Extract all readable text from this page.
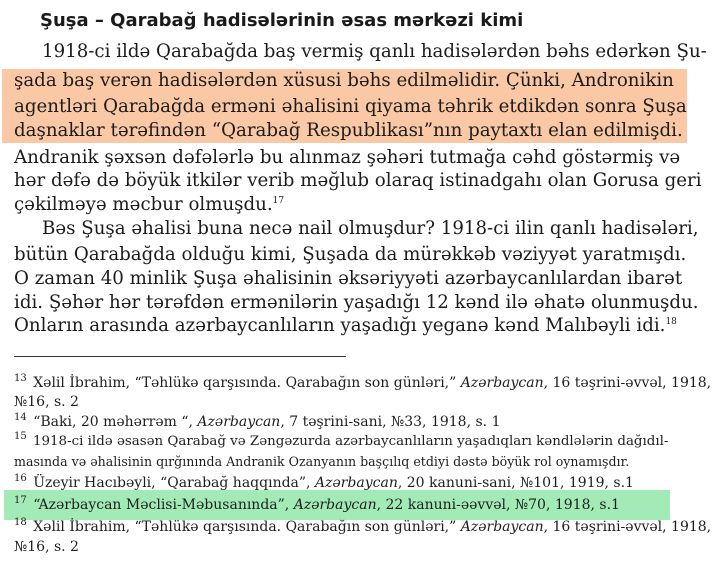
Şuşa – Qarabağ hadisələrinin əsas mərkəzi kimi
1918-ci ildə Qarabağda baş vermiş qanlı hadisələrdən bəhs edərkən Şu-
şada baş verən hadisələrdən xüsusi bəhs edilməlidir. Çünki, Andronikin
agentləri Qarabağda erməni əhalisini qiyama təhrik etdikdən sonra Şuşa
daşnaklar tərəfindən “Qarabağ Respublikası”nın paytaxtı elan edilmişdi.
Andranik şəxsən dəfələrlə bu alınmaz şəhəri tutmağa cəhd göstərmiş və
hər dəfə də böyük itkilər verib məğlub olaraq istinadgahı olan Gorusa geri
çəkilməyə məcbur olmuşdu.$^{17}$
Bəs Şuşa əhalisi buna necə nail olmuşdur? 1918-ci ilin qanlı hadisələri,
bütün Qarabağda olduğu kimi, Şuşada da mürəkkəb vəziyyət yaratmışdı.
O zaman 40 minlik Şuşa əhalisinin əksəriyyəti azərbaycanlılardan ibarət
idi. Şəhər hər tərəfdən ermənilərin yaşadığı 12 kənd ilə əhatə olunmuşdu.
Onların arasında azərbaycanlıların yaşadığı yeganə kənd Malıbəyli idi.$^{18}$
$^{13}$ Xəlil İbrahim, “Təhlükə qarşısında. Qarabağın son günləri,” Azərbaycan, 16 təşrini-əvvəl, 1918,
№16, s. 2
$^{14}$ “Baki, 20 məhərrəm “, Azərbaycan, 7 təşrini-sani, №33, 1918, s. 1
$^{15}$ 1918-ci ildə əsasən Qarabağ və Zəngəzurda azərbaycanlıların yaşadıqları kəndlələrin dağıdıl-
masında və əhalisinin qırğınında Andranik Ozanyanın başçılıq etdiyi dəstə böyük rol oynamışdır.
$^{16}$ Üzeyir Hacıbəyli, “Qarabağ haqqında”, Azərbaycan, 20 kanuni-sani, №101, 1919, s.1
$^{17}$ “Azərbaycan Məclisi-Məbusanında”, Azərbaycan, 22 kanuni-əəvvəl, №70, 1918, s.1
$^{18}$ Xəlil İbrahim, “Təhlükə qarşısında. Qarabağın son günləri,” Azərbaycan, 16 təşrini-əvvəl, 1918,
№16, s. 2
